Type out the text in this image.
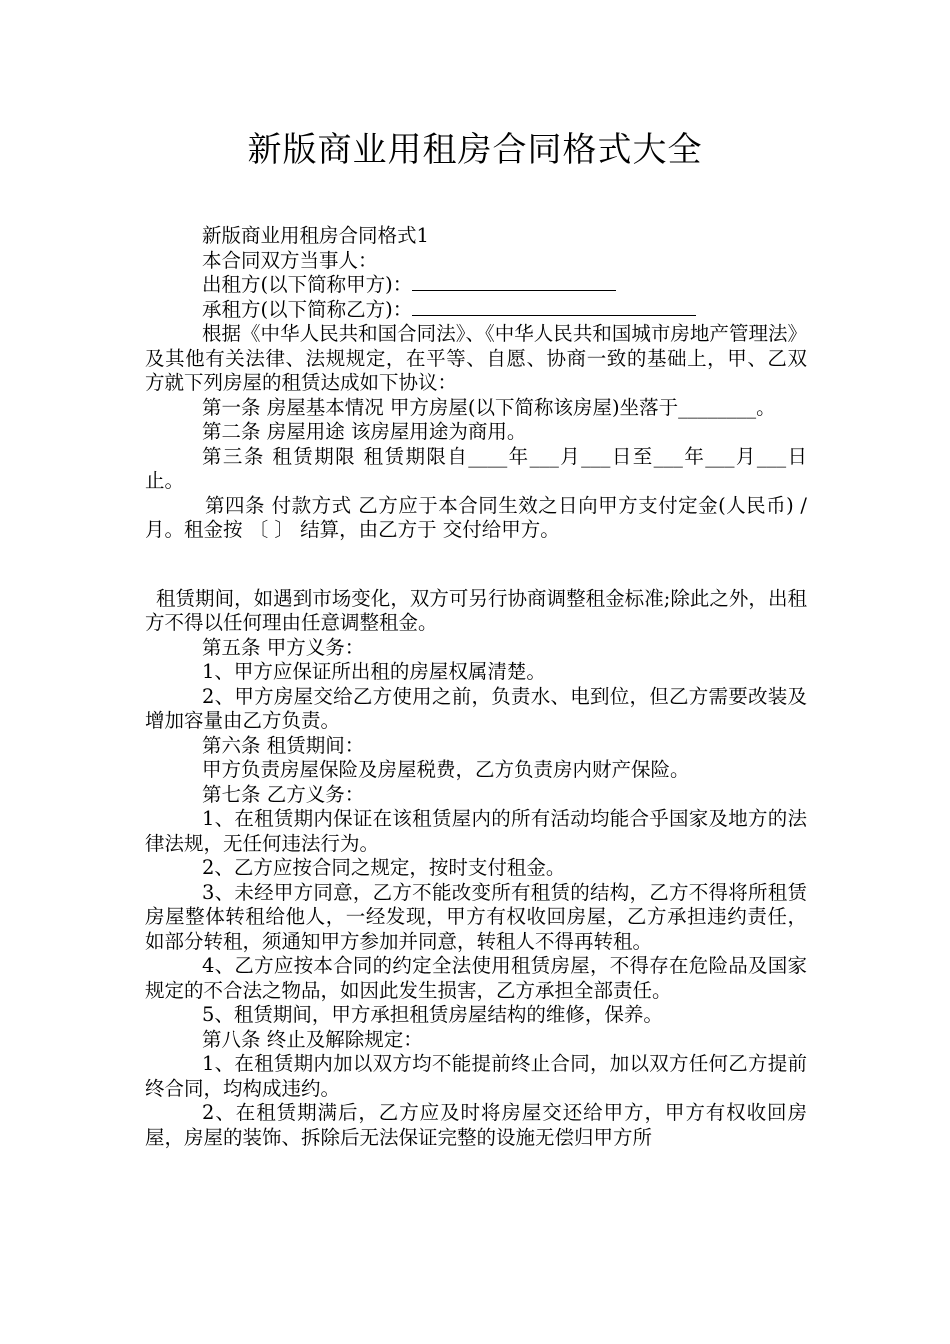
新版商业用租房合同格式大全

新版商业用租房合同格式1

本合同双方当事人：

出租方(以下简称甲方)：

承租方(以下简称乙方)：

根据《中华人民共和国合同法》、《中华人民共和国城市房地产管理法》及其他有关法律、法规规定，在平等、自愿、协商一致的基础上，甲、乙双方就下列房屋的租赁达成如下协议：

第一条 房屋基本情况 甲方房屋(以下简称该房屋)坐落于________。

第二条 房屋用途 该房屋用途为商用。

第三条 租赁期限 租赁期限自____年___月___日至___年___月___日止。

第四条 付款方式 乙方应于本合同生效之日向甲方支付定金(人民币) /月。租金按 〔 〕 结算，由乙方于 交付给甲方。

租赁期间，如遇到市场变化，双方可另行协商调整租金标准;除此之外，出租方不得以任何理由任意调整租金。

第五条 甲方义务：

1、甲方应保证所出租的房屋权属清楚。

2、甲方房屋交给乙方使用之前，负责水、电到位，但乙方需要改装及增加容量由乙方负责。

第六条 租赁期间：

甲方负责房屋保险及房屋税费，乙方负责房内财产保险。

第七条 乙方义务：

1、在租赁期内保证在该租赁屋内的所有活动均能合乎国家及地方的法律法规，无任何违法行为。

2、乙方应按合同之规定，按时支付租金。

3、未经甲方同意，乙方不能改变所有租赁的结构，乙方不得将所租赁房屋整体转租给他人，一经发现，甲方有权收回房屋，乙方承担违约责任，如部分转租，须通知甲方参加并同意，转租人不得再转租。

4、乙方应按本合同的约定全法使用租赁房屋，不得存在危险品及国家规定的不合法之物品，如因此发生损害，乙方承担全部责任。

5、租赁期间，甲方承担租赁房屋结构的维修，保养。

第八条 终止及解除规定：

1、在租赁期内加以双方均不能提前终止合同，加以双方任何乙方提前终合同，均构成违约。

2、在租赁期满后，乙方应及时将房屋交还给甲方，甲方有权收回房屋，房屋的装饰、拆除后无法保证完整的设施无偿归甲方所
